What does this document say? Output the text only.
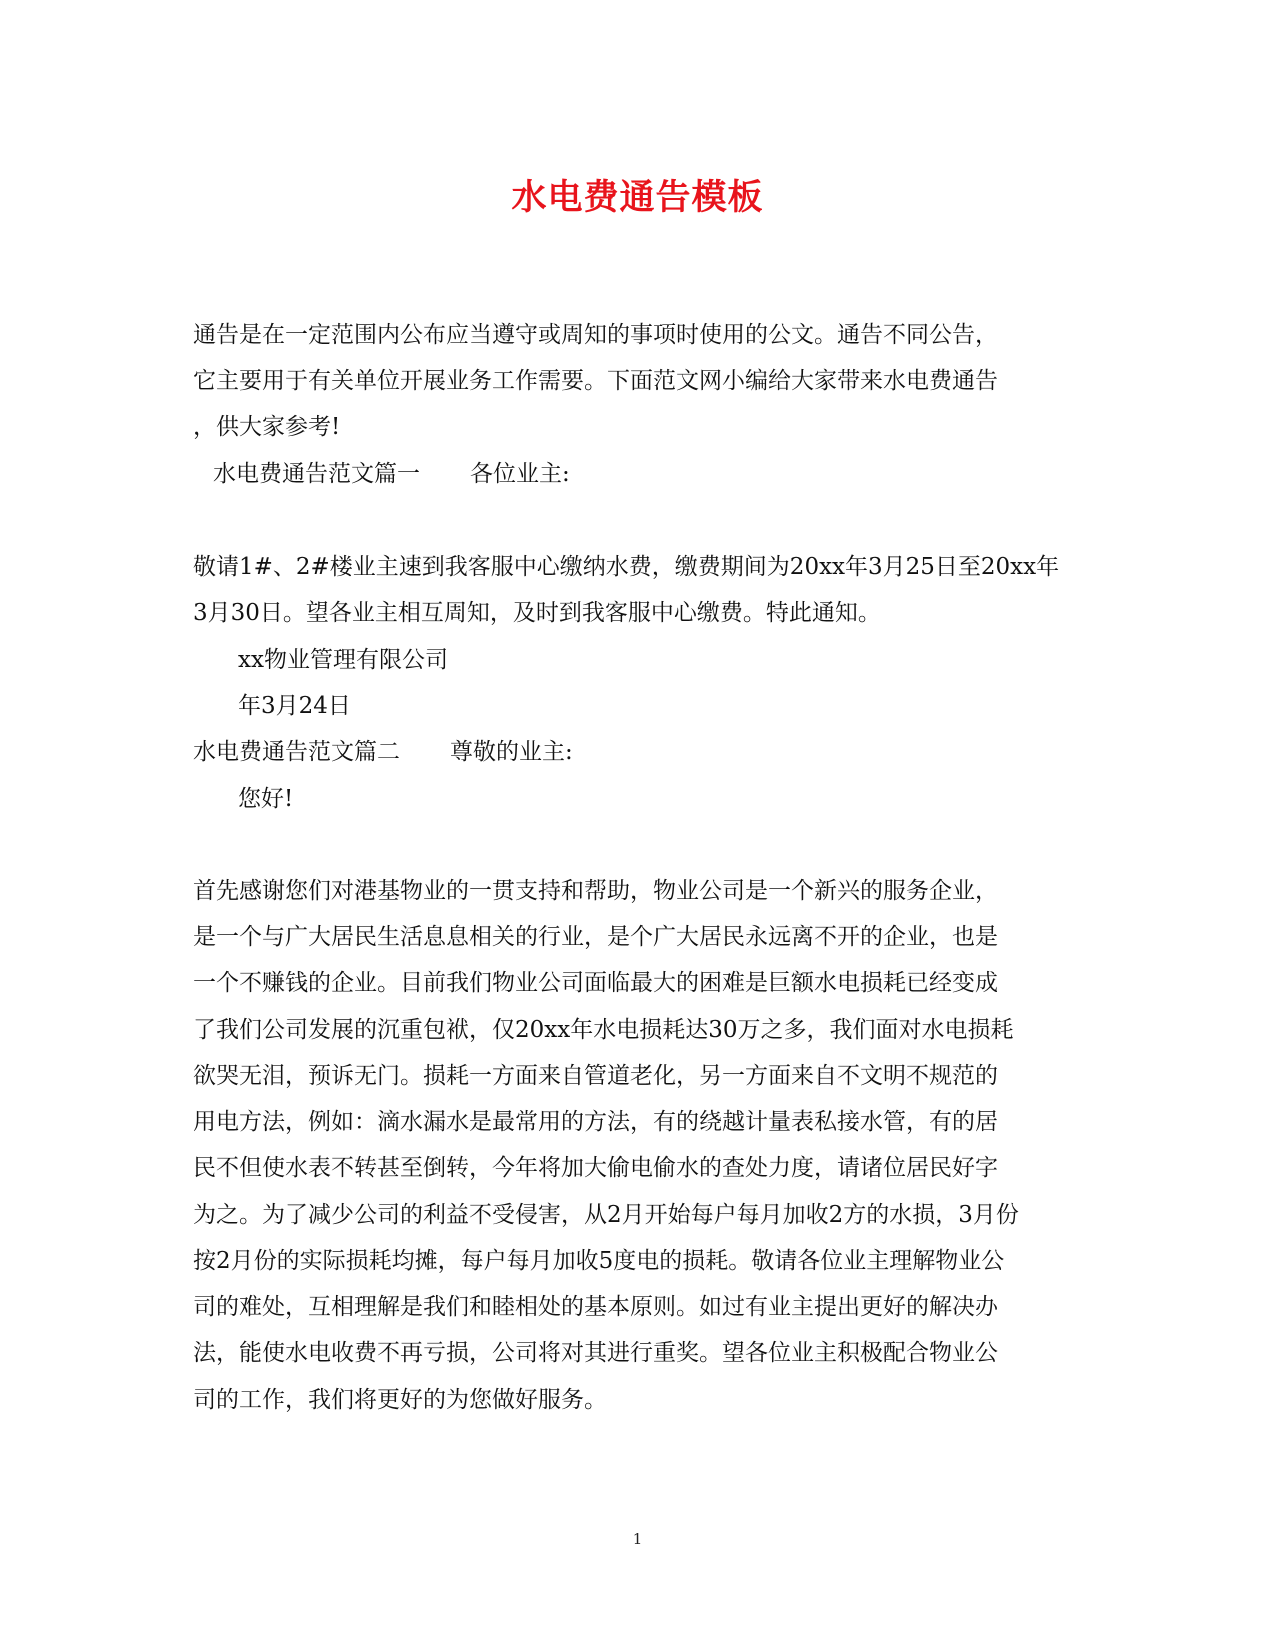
水电费通告模板
通告是在一定范围内公布应当遵守或周知的事项时使用的公文。通告不同公告，
它主要用于有关单位开展业务工作需要。下面范文网小编给大家带来水电费通告
，供大家参考!
水电费通告范文篇一 各位业主:
敬请1#、2#楼业主速到我客服中心缴纳水费，缴费期间为20xx年3月25日至20xx年
3月30日。望各业主相互周知，及时到我客服中心缴费。特此通知。
xx物业管理有限公司
年3月24日
水电费通告范文篇二 尊敬的业主:
您好!
首先感谢您们对港基物业的一贯支持和帮助，物业公司是一个新兴的服务企业，
是一个与广大居民生活息息相关的行业，是个广大居民永远离不开的企业，也是
一个不赚钱的企业。目前我们物业公司面临最大的困难是巨额水电损耗已经变成
了我们公司发展的沉重包袱，仅20xx年水电损耗达30万之多，我们面对水电损耗
欲哭无泪，预诉无门。损耗一方面来自管道老化，另一方面来自不文明不规范的
用电方法，例如：滴水漏水是最常用的方法，有的绕越计量表私接水管，有的居
民不但使水表不转甚至倒转，今年将加大偷电偷水的查处力度，请诸位居民好字
为之。为了减少公司的利益不受侵害，从2月开始每户每月加收2方的水损，3月份
按2月份的实际损耗均摊，每户每月加收5度电的损耗。敬请各位业主理解物业公
司的难处，互相理解是我们和睦相处的基本原则。如过有业主提出更好的解决办
法，能使水电收费不再亏损，公司将对其进行重奖。望各位业主积极配合物业公
司的工作，我们将更好的为您做好服务。
1
